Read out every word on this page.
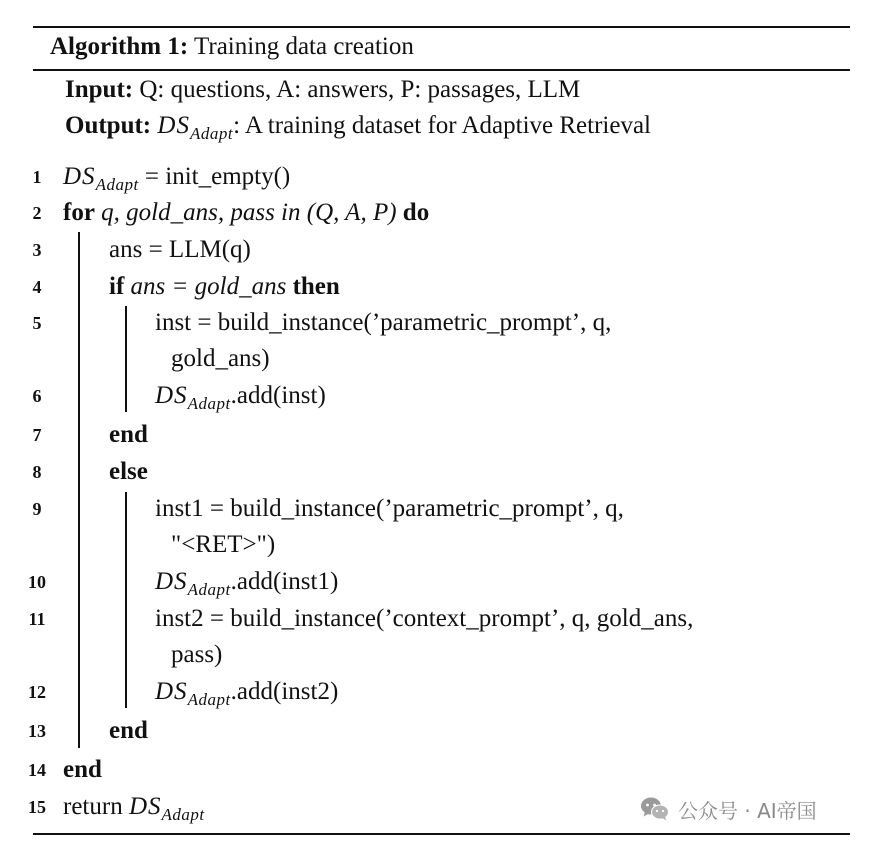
Algorithm 1: Training data creation
Input: Q: questions, A: answers, P: passages, LLM
Output: $DS_{Adapt}$: A training dataset for Adaptive Retrieval
1
2
3
4
5
6
7
8
9
10
11
12
13
14
15
$DS_{Adapt}$ = init_empty()
for q, gold_ans, pass in (Q, A, P) do
ans = LLM(q)
if ans = gold_ans then
inst = build_instance(’parametric_prompt’, q,
gold_ans)
$DS_{Adapt}.add(inst)$
end
else
inst1 = build_instance(’parametric_prompt’, q,
"<RET>")
$DS_{Adapt}.add(inst1)$
inst2 = build_instance(’context_prompt’, q, gold_ans,
pass)
$DS_{Adapt}.add(inst2)$
end
end
return $DS_{Adapt}$	公众号 · AI帝国
